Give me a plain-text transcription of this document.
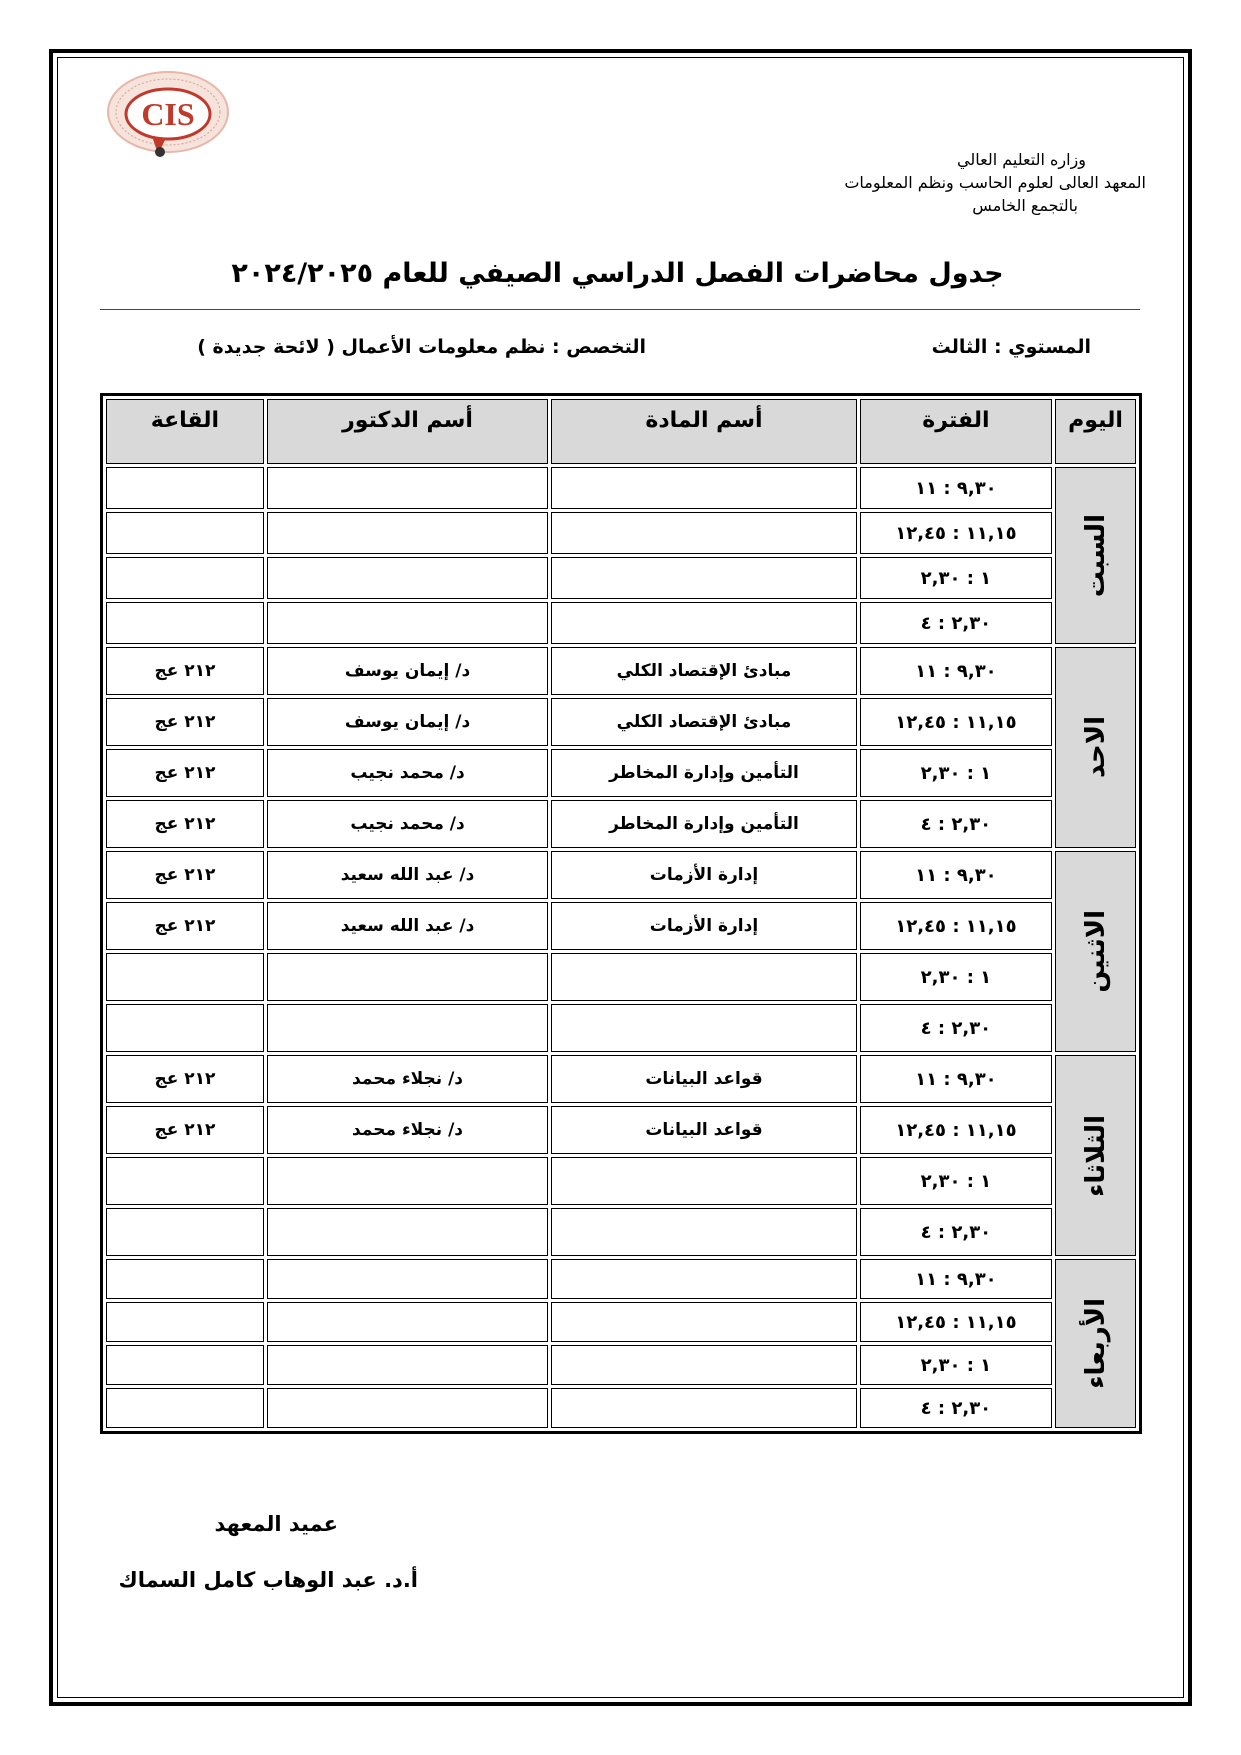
CIS
وزاره التعليم العالي
المعهد العالى لعلوم الحاسب ونظم المعلومات
بالتجمع الخامس
جدول محاضرات الفصل الدراسي الصيفي للعام ٢٠٢٤/٢٠٢٥
المستوي : الثالث
التخصص : نظم معلومات الأعمال ( لائحة جديدة )
اليوم	الفترة	أسم المادة	أسم الدكتور	القاعة

السبت	٩,٣٠ : ١١			
	١١,١٥ : ١٢,٤٥			
	١ : ٢,٣٠			
	٢,٣٠ : ٤			

الاحد	٩,٣٠ : ١١	مبادئ الإقتصاد الكلي	د/ إيمان يوسف	٢١٢ عج
	١١,١٥ : ١٢,٤٥	مبادئ الإقتصاد الكلي	د/ إيمان يوسف	٢١٢ عج
	١ : ٢,٣٠	التأمين وإدارة المخاطر	د/ محمد نجيب	٢١٢ عج
	٢,٣٠ : ٤	التأمين وإدارة المخاطر	د/ محمد نجيب	٢١٢ عج

الاثنين	٩,٣٠ : ١١	إدارة الأزمات	د/ عبد الله سعيد	٢١٢ عج
	١١,١٥ : ١٢,٤٥	إدارة الأزمات	د/ عبد الله سعيد	٢١٢ عج
	١ : ٢,٣٠			
	٢,٣٠ : ٤			

الثلاثاء	٩,٣٠ : ١١	قواعد البيانات	د/ نجلاء محمد	٢١٢ عج
	١١,١٥ : ١٢,٤٥	قواعد البيانات	د/ نجلاء محمد	٢١٢ عج
	١ : ٢,٣٠			
	٢,٣٠ : ٤			

الأربعاء	٩,٣٠ : ١١			
	١١,١٥ : ١٢,٤٥			
	١ : ٢,٣٠			
	٢,٣٠ : ٤			
عميد المعهد
أ.د. عبد الوهاب كامل السماك
